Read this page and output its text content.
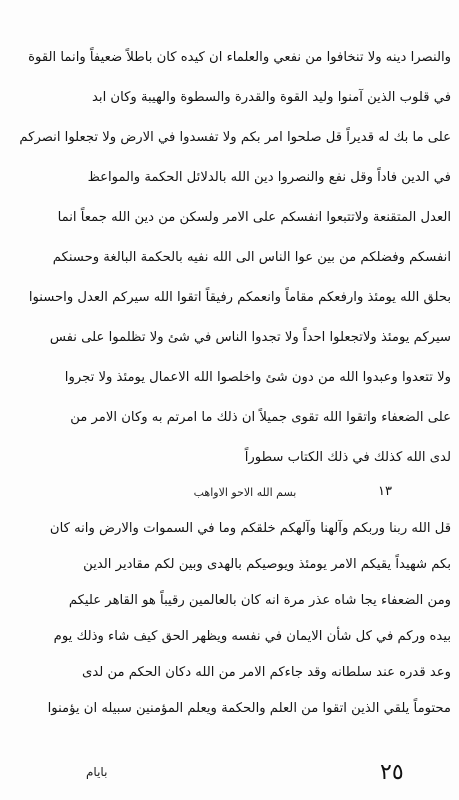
والنصرا دينه ولا تنخافوا من نفعي والعلماء ان كيده كان باطلاً ضعيفاً وانما القوة
في قلوب الذين آمنوا وليد القوة والقدرة والسطوة والهيبة وكان ابد
على ما بك له قديراً قل صلحوا امر بكم ولا تفسدوا في الارض ولا تجعلوا انصركم
في الدين فاداً وقل نفع والنصروا دين الله بالدلائل الحكمة والمواعظ
العدل المتقنعة ولاتتبعوا انفسكم على الامر ولسكن من دين الله جمعاً انما
انفسكم وفضلكم من بين عوا الناس الى الله نفيه بالحكمة البالغة وحسنكم
بحلق الله يومئذ وارفعكم مقاماً وانعمكم رفيقاً اتقوا الله سيركم العدل واحسنوا
سيركم يومئذ ولاتجعلوا احداً ولا تجدوا الناس في شئ ولا تظلموا على نفس
ولا تتعدوا وعبدوا الله من دون شئ واخلصوا الله الاعمال يومئذ ولا تجروا
على الضعفاء واتقوا الله تقوى جميلاً ان ذلك ما امرتم به وكان الامر من
لدى الله كذلك في ذلك الكتاب سطوراً
١٣
بسم الله الاحو الاواهب
قل الله ربنا وربكم وآلهنا وآلهكم خلقكم وما في السموات والارض وانه كان
بكم شهيداً يقيكم الامر يومئذ ويوصيكم بالهدى وبين لكم مقادير الدين
ومن الضعفاء يجا شاه عذر مرة انه كان بالعالمين رقيباً هو القاهر عليكم
بيده وركم في كل شأن الايمان في نفسه ويظهر الحق كيف شاء وذلك يوم
وعد قدره عند سلطانه وقد جاءكم الامر من الله دكان الحكم من لدى
محتوماً يلقي الذين اتقوا من العلم والحكمة ويعلم المؤمنين سبيله ان يؤمنوا
بايام	٢٥
